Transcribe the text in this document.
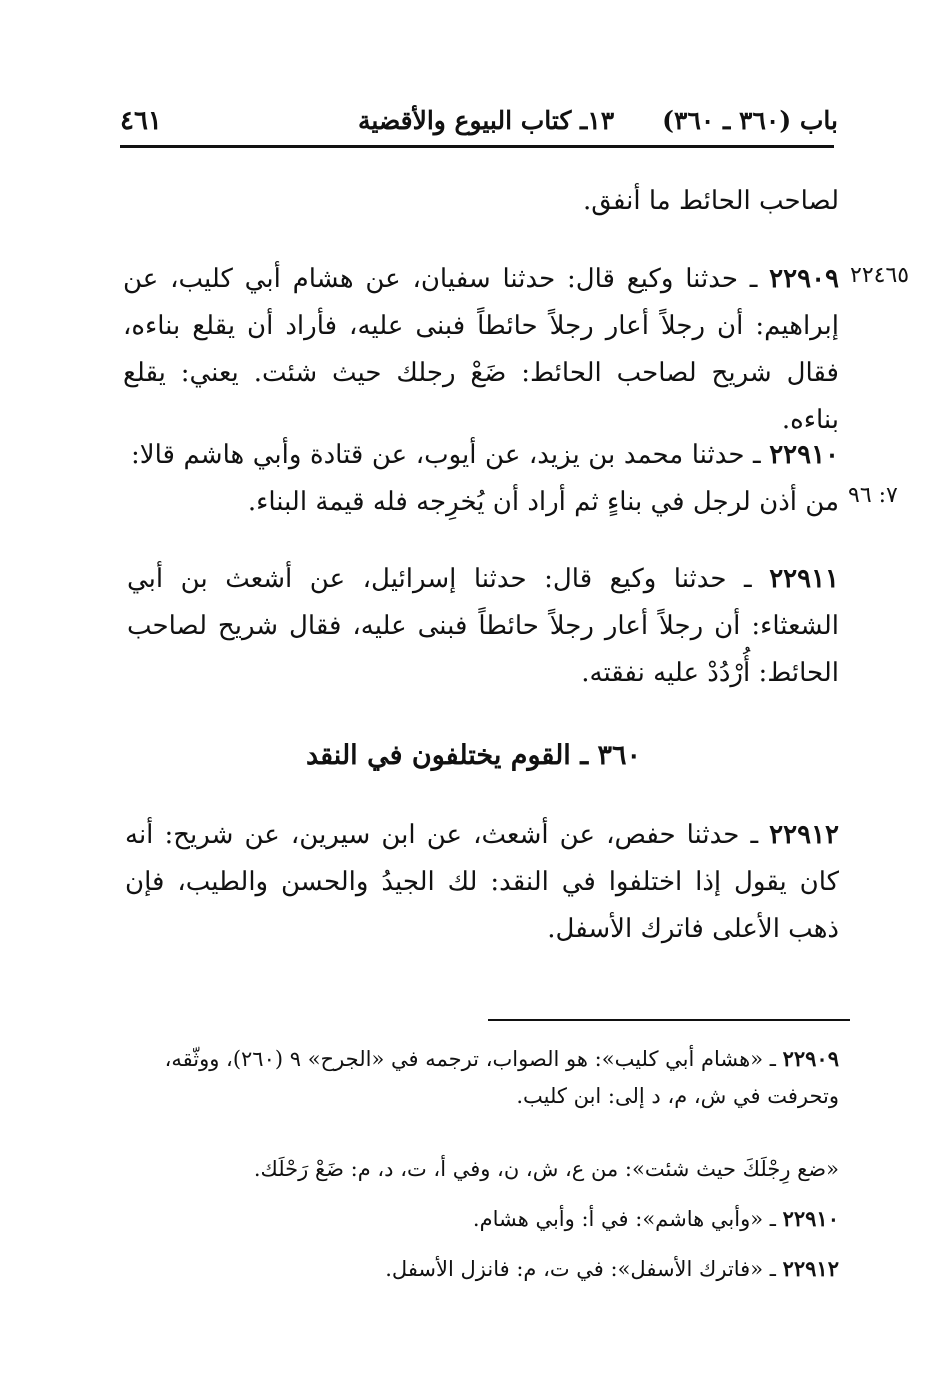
باب (٣٦٠ ـ ٣٦٠)
١٣ـ كتاب البيوع والأقضية
٤٦١
لصاحب الحائط ما أنفق.
٢٢٤٦٥
٢٢٩٠٩ ـ حدثنا وكيع قال: حدثنا سفيان، عن هشام أبي كليب، عن إبراهيم: أن رجلاً أعار رجلاً حائطاً فبنى عليه، فأراد أن يقلع بناءه، فقال شريح لصاحب الحائط: ضَعْ رجلك حيث شئت. يعني: يقلع بناءه.
٧: ٩٦
٢٢٩١٠ ـ حدثنا محمد بن يزيد، عن أيوب، عن قتادة وأبي هاشم قالا: من أذن لرجل في بناءٍ ثم أراد أن يُخرِجه فله قيمة البناء.
٢٢٩١١ ـ حدثنا وكيع قال: حدثنا إسرائيل، عن أشعث بن أبي الشعثاء: أن رجلاً أعار رجلاً حائطاً فبنى عليه، فقال شريح لصاحب الحائط: أُرْدُدْ عليه نفقته.
٣٦٠ ـ القوم يختلفون في النقد
٢٢٩١٢ ـ حدثنا حفص، عن أشعث، عن ابن سيرين، عن شريح: أنه كان يقول إذا اختلفوا في النقد: لك الجيدُ والحسن والطيب، فإن ذهب الأعلى فاترك الأسفل.
٢٢٩٠٩ ـ «هشام أبي كليب»: هو الصواب، ترجمه في «الجرح» ٩ (٢٦٠)، ووثّقه، وتحرفت في ش، م، د إلى: ابن كليب.
«ضع رِجْلَكَ حيث شئت»: من ع، ش، ن، وفي أ، ت، د، م: ضَعْ رَحْلَك.
٢٢٩١٠ ـ «وأبي هاشم»: في أ: وأبي هشام.
٢٢٩١٢ ـ «فاترك الأسفل»: في ت، م: فانزل الأسفل.
